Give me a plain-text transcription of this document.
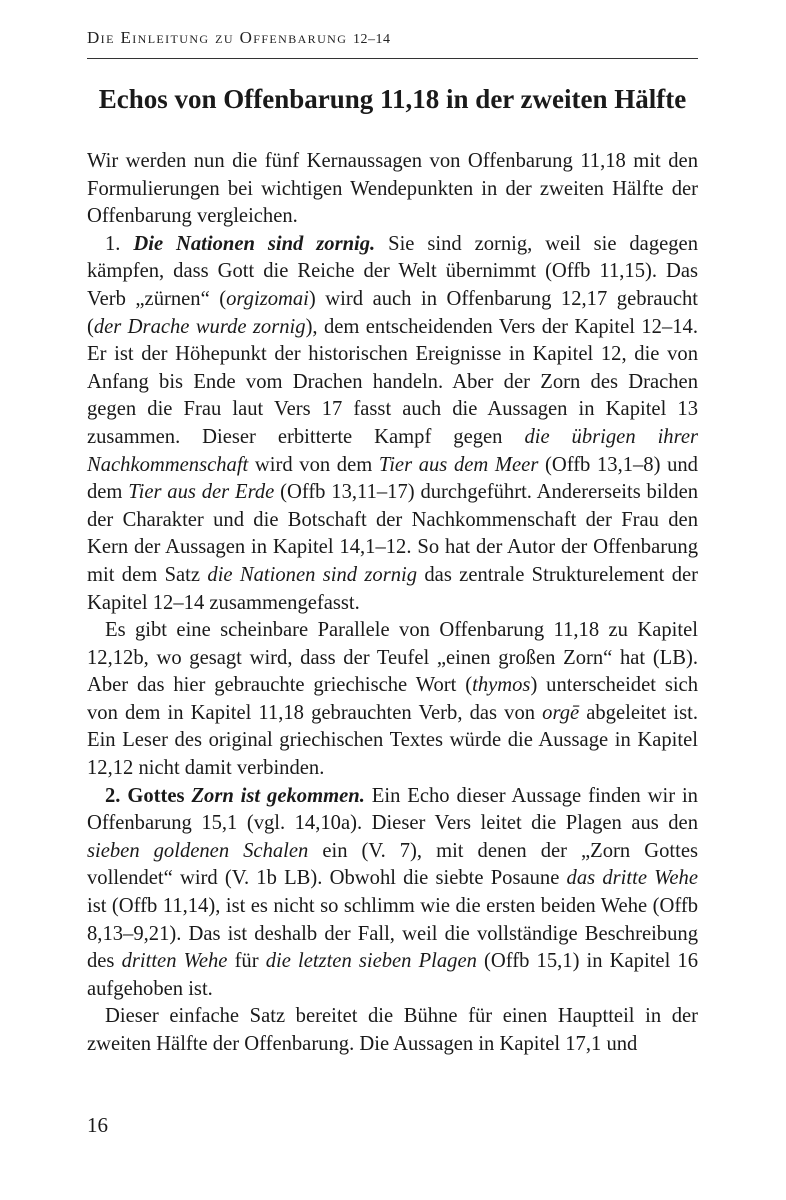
Die Einleitung zu Offenbarung 12–14
Echos von Offenbarung 11,18 in der zweiten Hälfte

Wir werden nun die fünf Kernaussagen von Offenbarung 11,18 mit den Formulierungen bei wichtigen Wendepunkten in der zweiten Hälfte der Offenbarung vergleichen.

1. Die Nationen sind zornig. Sie sind zornig, weil sie dagegen kämpfen, dass Gott die Reiche der Welt übernimmt (Offb 11,15). Das Verb „zürnen“ (orgizomai) wird auch in Offenbarung 12,17 gebraucht (der Drache wurde zornig), dem entscheidenden Vers der Kapitel 12–14. Er ist der Höhepunkt der historischen Ereignisse in Kapitel 12, die von Anfang bis Ende vom Drachen handeln. Aber der Zorn des Drachen gegen die Frau laut Vers 17 fasst auch die Aussagen in Kapitel 13 zusammen. Dieser erbitterte Kampf gegen die übrigen ihrer Nachkommenschaft wird von dem Tier aus dem Meer (Offb 13,1–8) und dem Tier aus der Erde (Offb 13,11–17) durchgeführt. Andererseits bilden der Charakter und die Botschaft der Nachkommenschaft der Frau den Kern der Aussagen in Kapitel 14,1–12. So hat der Autor der Offenbarung mit dem Satz die Nationen sind zornig das zentrale Strukturelement der Kapitel 12–14 zusammengefasst.

Es gibt eine scheinbare Parallele von Offenbarung 11,18 zu Kapitel 12,12b, wo gesagt wird, dass der Teufel „einen großen Zorn“ hat (LB). Aber das hier gebrauchte griechische Wort (thymos) unterscheidet sich von dem in Kapitel 11,18 gebrauchten Verb, das von orgē abgeleitet ist. Ein Leser des original griechischen Textes würde die Aussage in Kapitel 12,12 nicht damit verbinden.

2. Gottes Zorn ist gekommen. Ein Echo dieser Aussage finden wir in Offenbarung 15,1 (vgl. 14,10a). Dieser Vers leitet die Plagen aus den sieben goldenen Schalen ein (V. 7), mit denen der „Zorn Gottes vollendet“ wird (V. 1b LB). Obwohl die siebte Posaune das dritte Wehe ist (Offb 11,14), ist es nicht so schlimm wie die ersten beiden Wehe (Offb 8,13–9,21). Das ist deshalb der Fall, weil die vollständige Beschreibung des dritten Wehe für die letzten sieben Plagen (Offb 15,1) in Kapitel 16 aufgehoben ist.

Dieser einfache Satz bereitet die Bühne für einen Hauptteil in der zweiten Hälfte der Offenbarung. Die Aussagen in Kapitel 17,1 und

16
